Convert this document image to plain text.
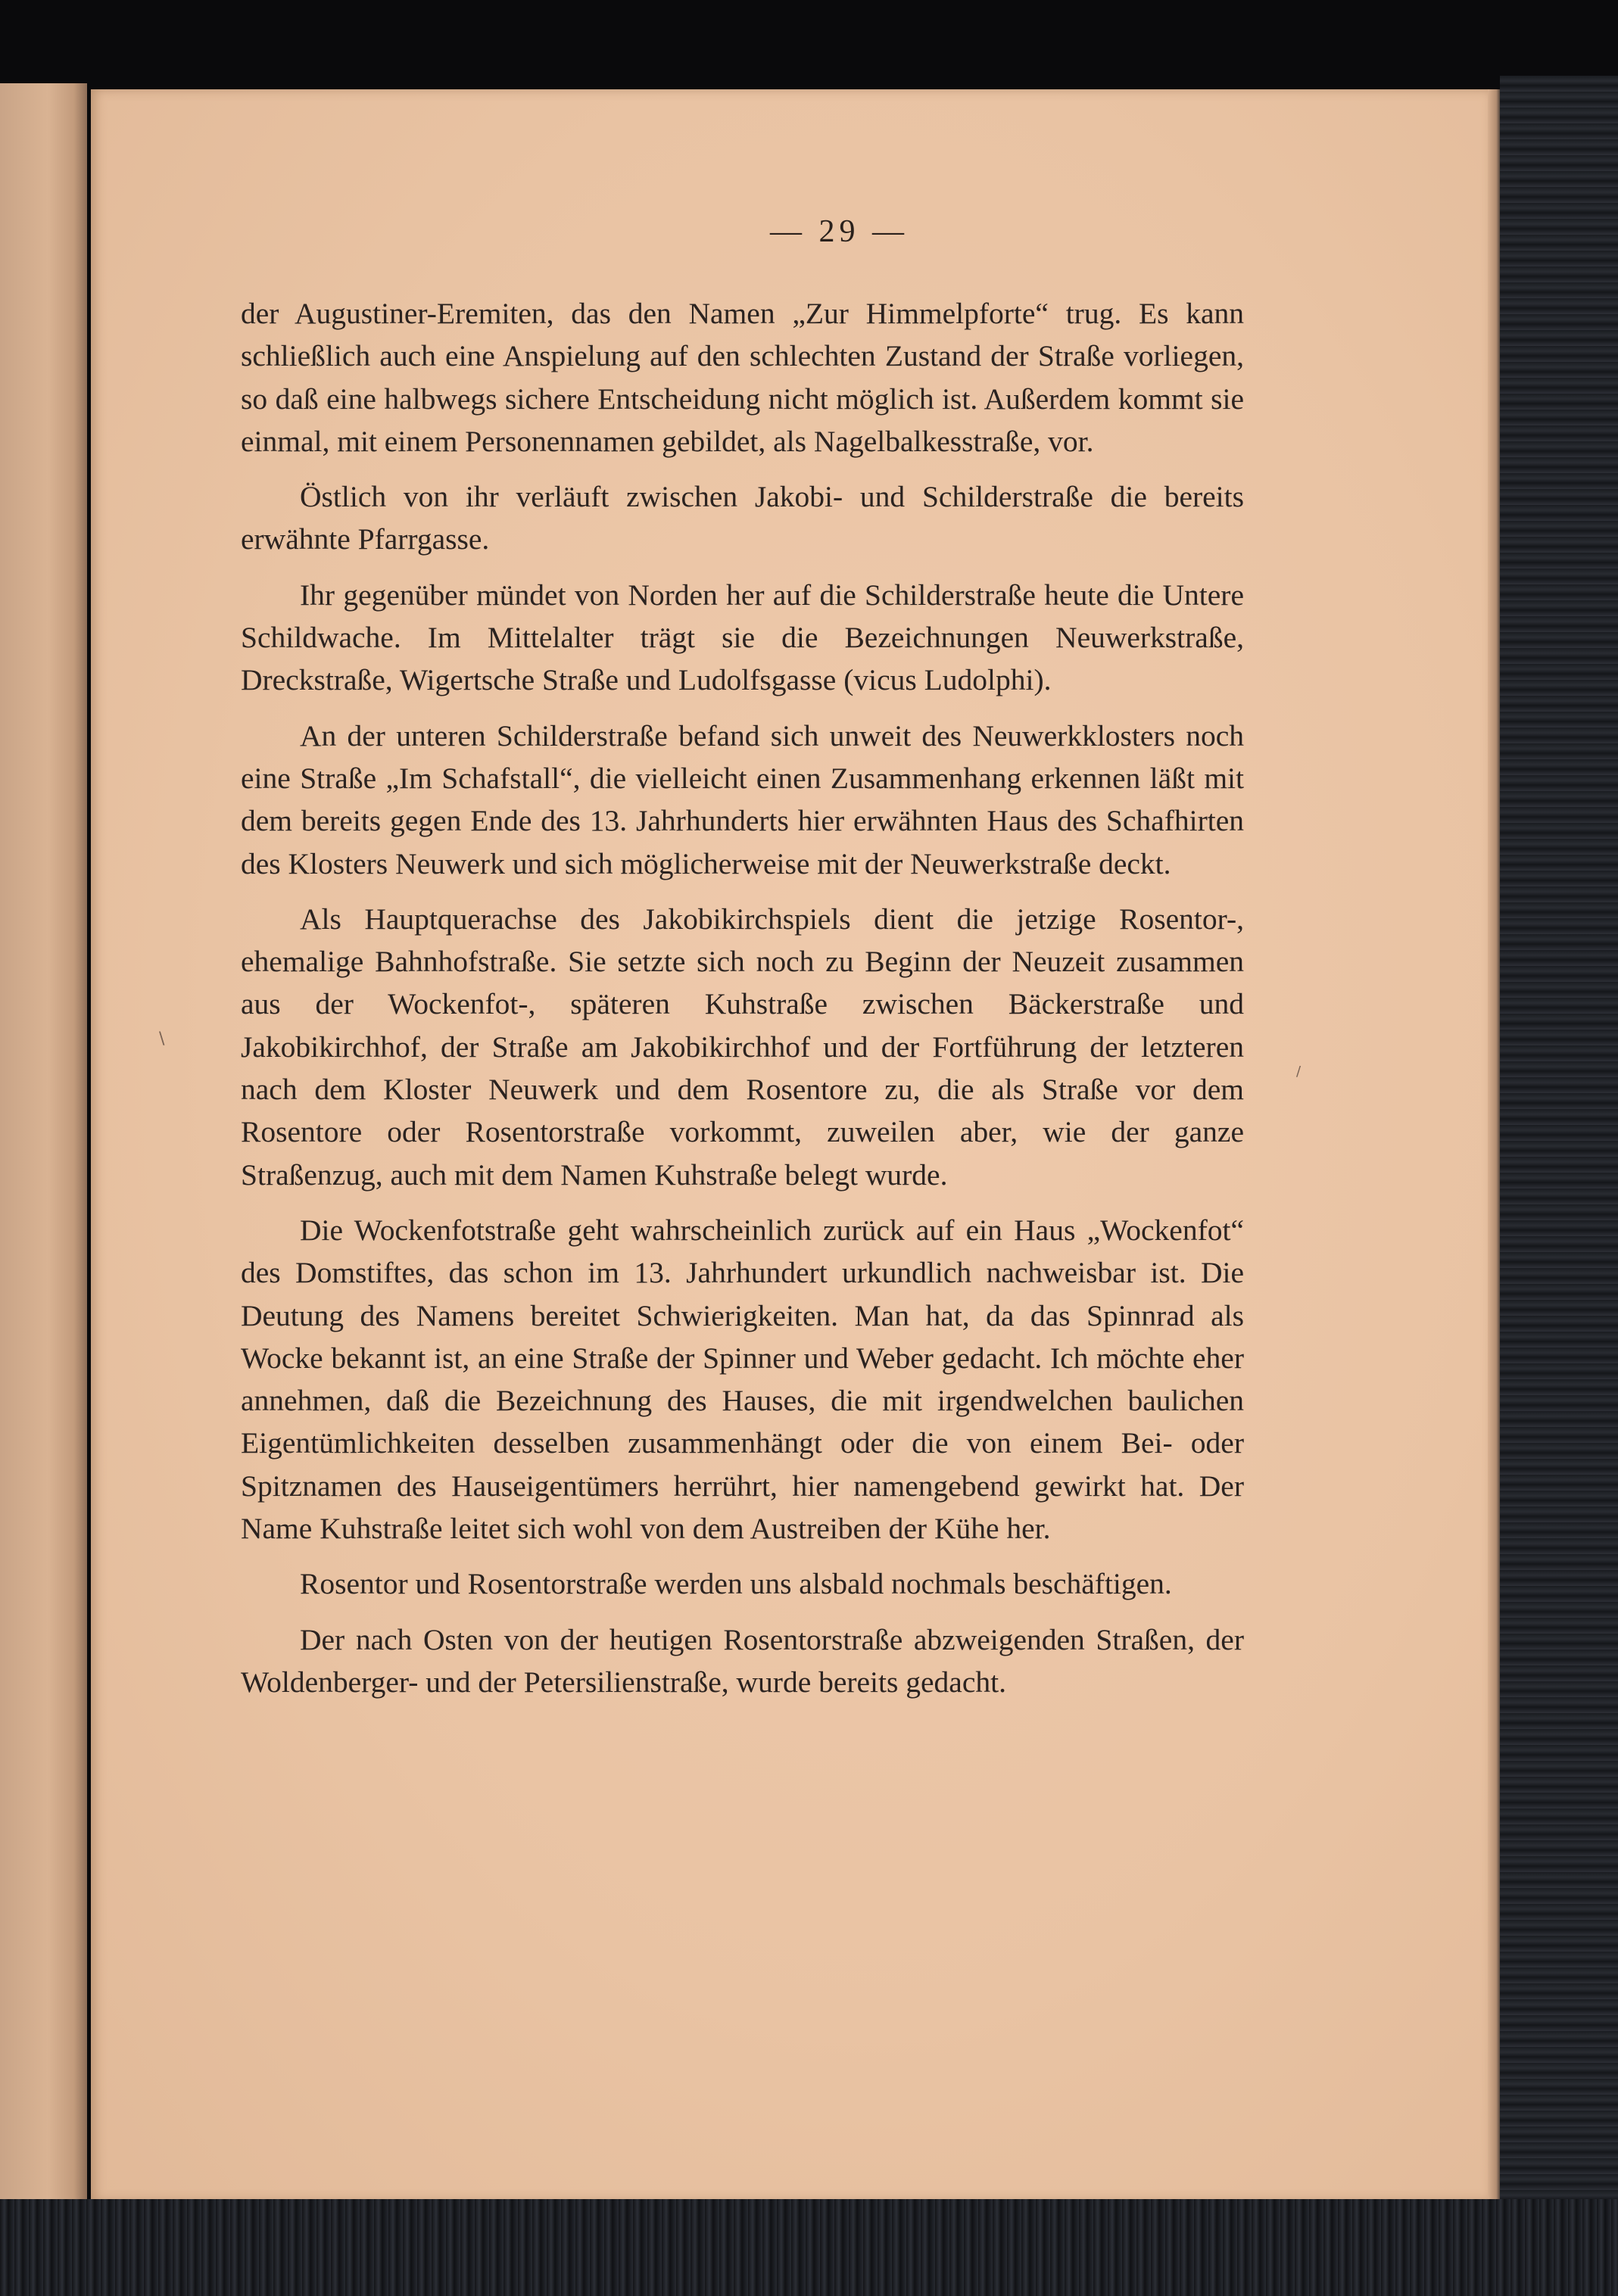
— 29 —

der Augustiner-Eremiten, das den Namen „Zur Himmelpforte“ trug. Es kann schließlich auch eine Anspielung auf den schlechten Zustand der Straße vorliegen, so daß eine halbwegs sichere Entscheidung nicht möglich ist. Außerdem kommt sie einmal, mit einem Personennamen gebildet, als Nagelbalkesstraße, vor.

Östlich von ihr verläuft zwischen Jakobi- und Schilderstraße die bereits erwähnte Pfarrgasse.

Ihr gegenüber mündet von Norden her auf die Schilderstraße heute die Untere Schildwache. Im Mittelalter trägt sie die Bezeichnungen Neuwerkstraße, Dreckstraße, Wigertsche Straße und Ludolfsgasse (vicus Ludolphi).

An der unteren Schilderstraße befand sich unweit des Neuwerkklosters noch eine Straße „Im Schafstall“, die vielleicht einen Zusammenhang erkennen läßt mit dem bereits gegen Ende des 13. Jahrhunderts hier erwähnten Haus des Schafhirten des Klosters Neuwerk und sich möglicherweise mit der Neuwerkstraße deckt.

Als Hauptquerachse des Jakobikirchspiels dient die jetzige Rosentor-, ehemalige Bahnhofstraße. Sie setzte sich noch zu Beginn der Neuzeit zusammen aus der Wockenfot-, späteren Kuhstraße zwischen Bäckerstraße und Jakobikirchhof, der Straße am Jakobikirchhof und der Fortführung der letzteren nach dem Kloster Neuwerk und dem Rosentore zu, die als Straße vor dem Rosentore oder Rosentorstraße vorkommt, zuweilen aber, wie der ganze Straßenzug, auch mit dem Namen Kuhstraße belegt wurde.

Die Wockenfotstraße geht wahrscheinlich zurück auf ein Haus „Wockenfot“ des Domstiftes, das schon im 13. Jahrhundert urkundlich nachweisbar ist. Die Deutung des Namens bereitet Schwierigkeiten. Man hat, da das Spinnrad als Wocke bekannt ist, an eine Straße der Spinner und Weber gedacht. Ich möchte eher annehmen, daß die Bezeichnung des Hauses, die mit irgendwelchen baulichen Eigentümlichkeiten desselben zusammenhängt oder die von einem Bei- oder Spitznamen des Hauseigentümers herrührt, hier namengebend gewirkt hat. Der Name Kuhstraße leitet sich wohl von dem Austreiben der Kühe her.

Rosentor und Rosentorstraße werden uns alsbald nochmals beschäftigen.

Der nach Osten von der heutigen Rosentorstraße abzweigenden Straßen, der Woldenberger- und der Petersilienstraße, wurde bereits gedacht.

\
/
